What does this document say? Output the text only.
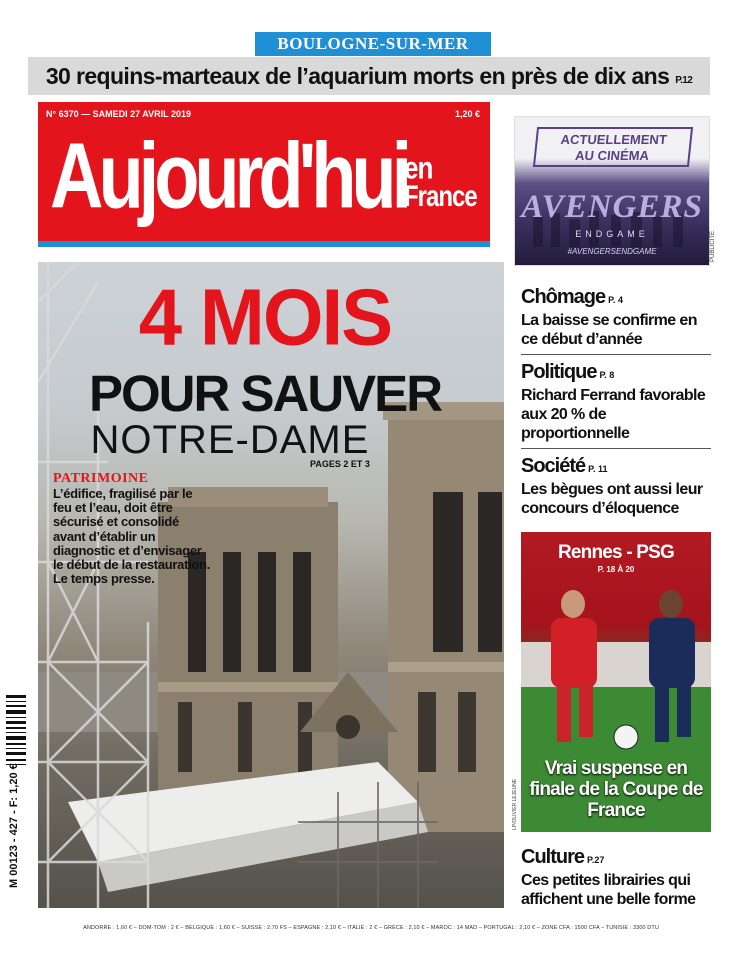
BOULOGNE-SUR-MER
30 requins-marteaux de l’aquarium morts en près de dix ans P.12
N° 6370 — SAMEDI 27 AVRIL 2019	1,20 €
Aujourd'hui
en
France
ACTUELLEMENT
AU CINÉMA
AVENGERS
ENDGAME
#AVENGERSENDGAME	PUBLICITÉ
4 MOIS
POUR SAUVER
NOTRE-DAME
PAGES 2 ET 3
PATRIMOINE
L’édifice, fragilisé par le feu et l’eau, doit être sécurisé et consolidé avant d’établir un diagnostic et d’envisager le début de la restauration. Le temps presse.
LP/OLIVIER LEJEUNE
Chômage P. 4
La baisse se confirme en ce début d’année
Politique P. 8
Richard Ferrand favorable aux 20 % de proportionnelle
Société P. 11
Les bègues ont aussi leur concours d’éloquence
Rennes - PSG
P. 18 À 20
Vrai suspense en finale de la Coupe de France
Culture P.27
Ces petites librairies qui affichent une belle forme
M 00123 - 427 - F: 1,20 €
ANDORRE : 1,60 € – DOM-TOM : 2 € – BELGIQUE : 1,60 € – SUISSE : 2,70 FS – ESPAGNE : 2,10 € – ITALIE : 2 € – GRÈCE : 2,10 € – MAROC : 14 MAD – PORTUGAL : 2,10 € – ZONE CFA : 1500 CFA – TUNISIE : 3300 DTU
